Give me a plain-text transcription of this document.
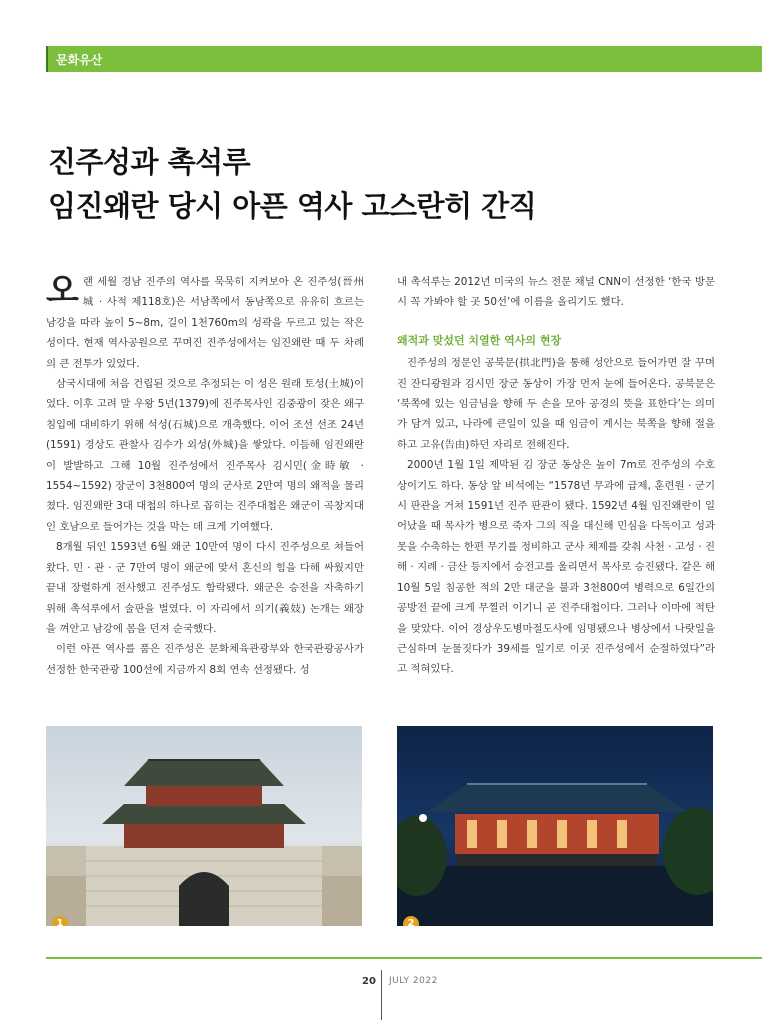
문화유산
진주성과 촉석루
임진왜란 당시 아픈 역사 고스란히 간직

오랜 세월 경남 진주의 역사를 묵묵히 지켜보아 온 진주성(晉州城 · 사적 제118호)은 서남쪽에서 동남쪽으로 유유히 흐르는 남강을 따라 높이 5~8m, 길이 1천760m의 성곽을 두르고 있는 작은 성이다. 현재 역사공원으로 꾸며진 진주성에서는 임진왜란 때 두 차례의 큰 전투가 있었다.

삼국시대에 처음 건립된 것으로 추정되는 이 성은 원래 토성(土城)이었다. 이후 고려 말 우왕 5년(1379)에 진주목사인 김중광이 잦은 왜구 침입에 대비하기 위해 석성(石城)으로 개축했다. 이어 조선 선조 24년(1591) 경상도 관찰사 김수가 외성(外城)을 쌓았다. 이듬해 임진왜란이 발발하고 그해 10월 진주성에서 진주목사 김시민(金時敏 · 1554~1592) 장군이 3천800여 명의 군사로 2만여 명의 왜적을 물리쳤다. 임진왜란 3대 대첩의 하나로 꼽히는 진주대첩은 왜군이 곡창지대인 호남으로 들어가는 것을 막는 데 크게 기여했다.

8개월 뒤인 1593년 6월 왜군 10만여 명이 다시 진주성으로 쳐들어왔다. 민 · 관 · 군 7만여 명이 왜군에 맞서 혼신의 힘을 다해 싸웠지만 끝내 장렬하게 전사했고 진주성도 함락됐다. 왜군은 승전을 자축하기 위해 촉석루에서 술판을 벌였다. 이 자리에서 의기(義妓) 논개는 왜장을 껴안고 남강에 몸을 던져 순국했다.

이런 아픈 역사를 품은 진주성은 문화체육관광부와 한국관광공사가 선정한 한국관광 100선에 지금까지 8회 연속 선정됐다. 성

내 촉석루는 2012년 미국의 뉴스 전문 채널 CNN이 선정한 ‘한국 방문 시 꼭 가봐야 할 곳 50선’에 이름을 올리기도 했다.

왜적과 맞섰던 치열한 역사의 현장

진주성의 정문인 공북문(拱北門)을 통해 성안으로 들어가면 잘 꾸며진 잔디광원과 김시민 장군 동상이 가장 먼저 눈에 들어온다. 공북문은 ‘북쪽에 있는 임금님을 향해 두 손을 모아 공경의 뜻을 표한다’는 의미가 담겨 있고, 나라에 큰일이 있을 때 임금이 계시는 북쪽을 향해 절을 하고 고유(告由)하던 자리로 전해진다.

2000년 1월 1일 제막된 김 장군 동상은 높이 7m로 진주성의 수호상이기도 하다. 동상 앞 비석에는 “1578년 무과에 급제, 훈련원 · 군기시 판관을 거쳐 1591년 진주 판관이 됐다. 1592년 4월 임진왜란이 일어났을 때 목사가 병으로 죽자 그의 직을 대신해 민심을 다독이고 성과 못을 수축하는 한편 무기를 정비하고 군사 체제를 갖춰 사천 · 고성 · 진해 · 지례 · 금산 등지에서 승전고를 울리면서 목사로 승진됐다. 같은 해 10월 5일 침공한 적의 2만 대군을 불과 3천800여 병력으로 6일간의 공방전 끝에 크게 무찔러 이기니 곧 진주대첩이다. 그러나 이마에 적탄을 맞았다. 이어 경상우도병마절도사에 임명됐으나 병상에서 나랏일을 근심하며 눈물짓다가 39세를 일기로 이곳 진주성에서 순절하였다”라고 적혀있다.

1	2
20 JULY 2022
